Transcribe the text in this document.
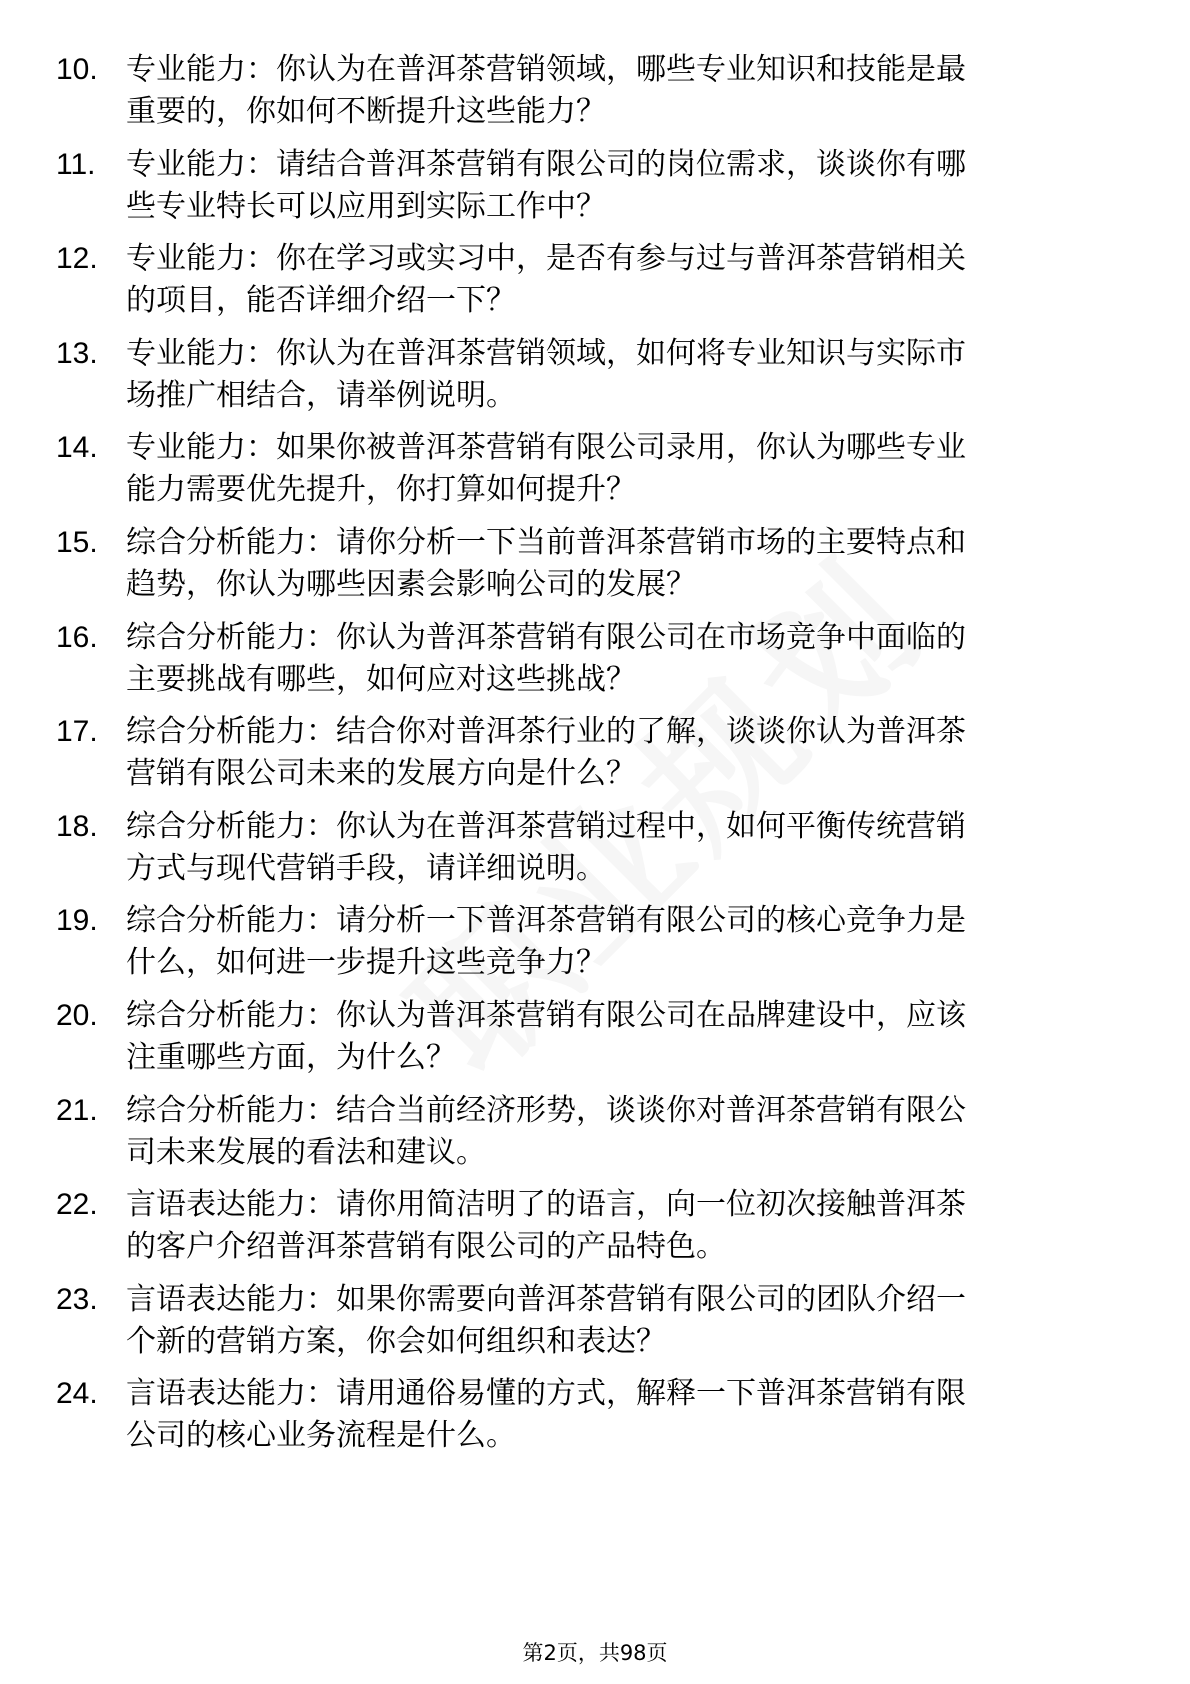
10. 专业能力：你认为在普洱茶营销领域，哪些专业知识和技能是最
重要的，你如何不断提升这些能力？
11.	专业能力：请结合普洱茶营销有限公司的岗位需求，谈谈你有哪
些专业特长可以应用到实际工作中？
12. 专业能力：你在学习或实习中，是否有参与过与普洱茶营销相关
的项目，能否详细介绍一下？
13. 专业能力：你认为在普洱茶营销领域，如何将专业知识与实际市
场推广相结合，请举例说明。
14. 专业能力：如果你被普洱茶营销有限公司录用，你认为哪些专业
能力需要优先提升，你打算如何提升？
15. 综合分析能力：请你分析一下当前普洱茶营销市场的主要特点和
趋势，你认为哪些因素会影响公司的发展？
16. 综合分析能力：你认为普洱茶营销有限公司在市场竞争中面临的
主要挑战有哪些，如何应对这些挑战？
17. 综合分析能力：结合你对普洱茶行业的了解，谈谈你认为普洱茶
营销有限公司未来的发展方向是什么？
18. 综合分析能力：你认为在普洱茶营销过程中，如何平衡传统营销
方式与现代营销手段，请详细说明。
19. 综合分析能力：请分析一下普洱茶营销有限公司的核心竞争力是
什么，如何进一步提升这些竞争力？
20. 综合分析能力：你认为普洱茶营销有限公司在品牌建设中，应该
注重哪些方面，为什么？
21. 综合分析能力：结合当前经济形势，谈谈你对普洱茶营销有限公
司未来发展的看法和建议。
22. 言语表达能力：请你用简洁明了的语言，向一位初次接触普洱茶
的客户介绍普洱茶营销有限公司的产品特色。
23. 言语表达能力：如果你需要向普洱茶营销有限公司的团队介绍一
个新的营销方案，你会如何组织和表达？
24. 言语表达能力：请用通俗易懂的方式，解释一下普洱茶营销有限
公司的核心业务流程是什么。
第2页，共98页
